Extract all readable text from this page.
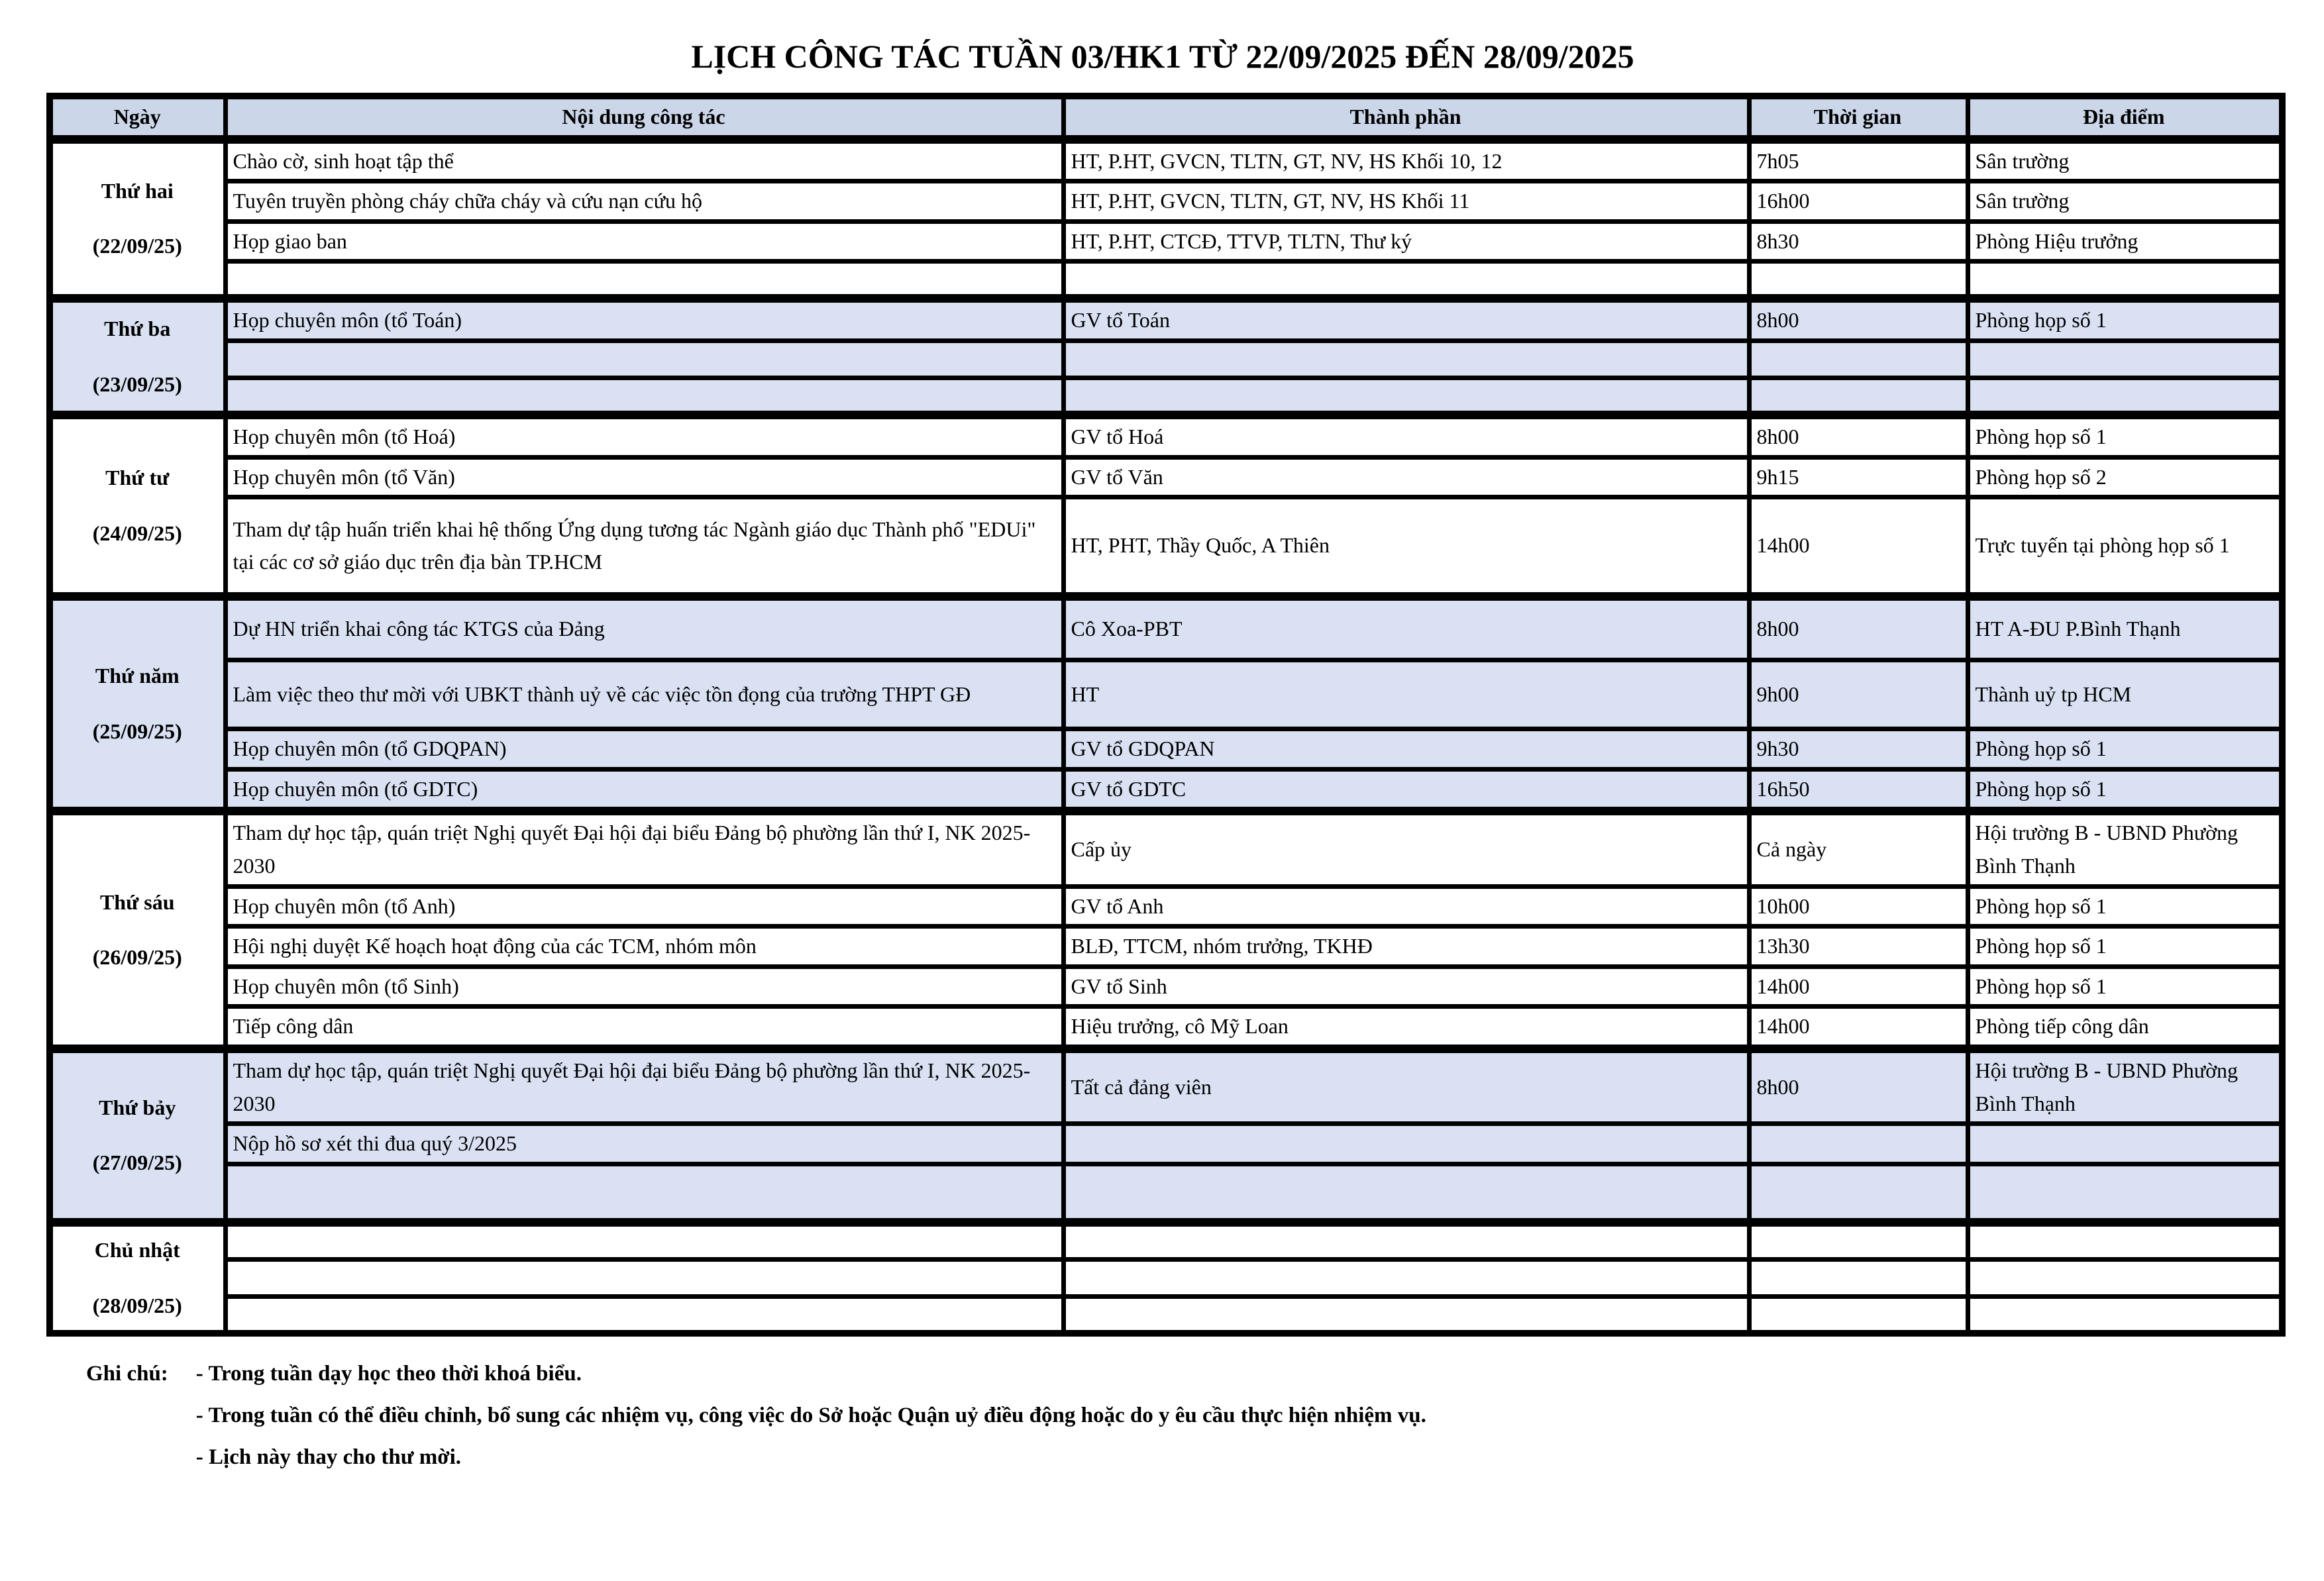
LỊCH CÔNG TÁC TUẦN 03/HK1 TỪ 22/09/2025 ĐẾN 28/09/2025
Ngày	Nội dung công tác	Thành phần	Thời gian	Địa điểm

Thứ hai
(22/09/25)	Chào cờ, sinh hoạt tập thể	HT, P.HT, GVCN, TLTN, GT, NV, HS Khối 10, 12	7h05	Sân trường
	Tuyên truyền phòng cháy chữa cháy và cứu nạn cứu hộ	HT, P.HT, GVCN, TLTN, GT, NV, HS Khối 11	16h00	Sân trường
	Họp giao ban	HT, P.HT, CTCĐ, TTVP, TLTN, Thư ký	8h30	Phòng Hiệu trưởng

Thứ ba
(23/09/25)	Họp chuyên môn (tổ Toán)	GV tổ Toán	8h00	Phòng họp số 1

Thứ tư
(24/09/25)	Họp chuyên môn (tổ Hoá)	GV tổ Hoá	8h00	Phòng họp số 1
	Họp chuyên môn (tổ Văn)	GV tổ Văn	9h15	Phòng họp số 2
	Tham dự tập huấn triển khai hệ thống Ứng dụng tương tác Ngành giáo dục Thành phố "EDUi" tại các cơ sở giáo dục trên địa bàn TP.HCM	HT, PHT, Thầy Quốc, A Thiên	14h00	Trực tuyến tại phòng họp số 1

Thứ năm
(25/09/25)	Dự HN triển khai công tác KTGS của Đảng	Cô Xoa-PBT	8h00	HT A-ĐU P.Bình Thạnh
	Làm việc theo thư mời với UBKT thành uỷ về các việc tồn đọng của trường THPT GĐ	HT	9h00	Thành uỷ tp HCM
	Họp chuyên môn (tổ GDQPAN)	GV tổ GDQPAN	9h30	Phòng họp số 1
	Họp chuyên môn (tổ GDTC)	GV tổ GDTC	16h50	Phòng họp số 1

Thứ sáu
(26/09/25)	Tham dự học tập, quán triệt Nghị quyết Đại hội đại biểu Đảng bộ phường lần thứ I, NK 2025-2030	Cấp ủy	Cả ngày	Hội trường B - UBND Phường Bình Thạnh
	Họp chuyên môn (tổ Anh)	GV tổ Anh	10h00	Phòng họp số 1
	Hội nghị duyệt Kế hoạch hoạt động của các TCM, nhóm môn	BLĐ, TTCM, nhóm trưởng, TKHĐ	13h30	Phòng họp số 1
	Họp chuyên môn (tổ Sinh)	GV tổ Sinh	14h00	Phòng họp số 1
	Tiếp công dân	Hiệu trưởng, cô Mỹ Loan	14h00	Phòng tiếp công dân

Thứ bảy
(27/09/25)	Tham dự học tập, quán triệt Nghị quyết Đại hội đại biểu Đảng bộ phường lần thứ I, NK 2025-2030	Tất cả đảng viên	8h00	Hội trường B - UBND Phường Bình Thạnh
	Nộp hồ sơ xét thi đua quý 3/2025			

Chủ nhật
(28/09/25)				

Ghi chú: - Trong tuần dạy học theo thời khoá biểu.
- Trong tuần có thể điều chỉnh, bổ sung các nhiệm vụ, công việc do Sở hoặc Quận uỷ điều động hoặc do y êu cầu thực hiện nhiệm vụ.
- Lịch này thay cho thư mời.
